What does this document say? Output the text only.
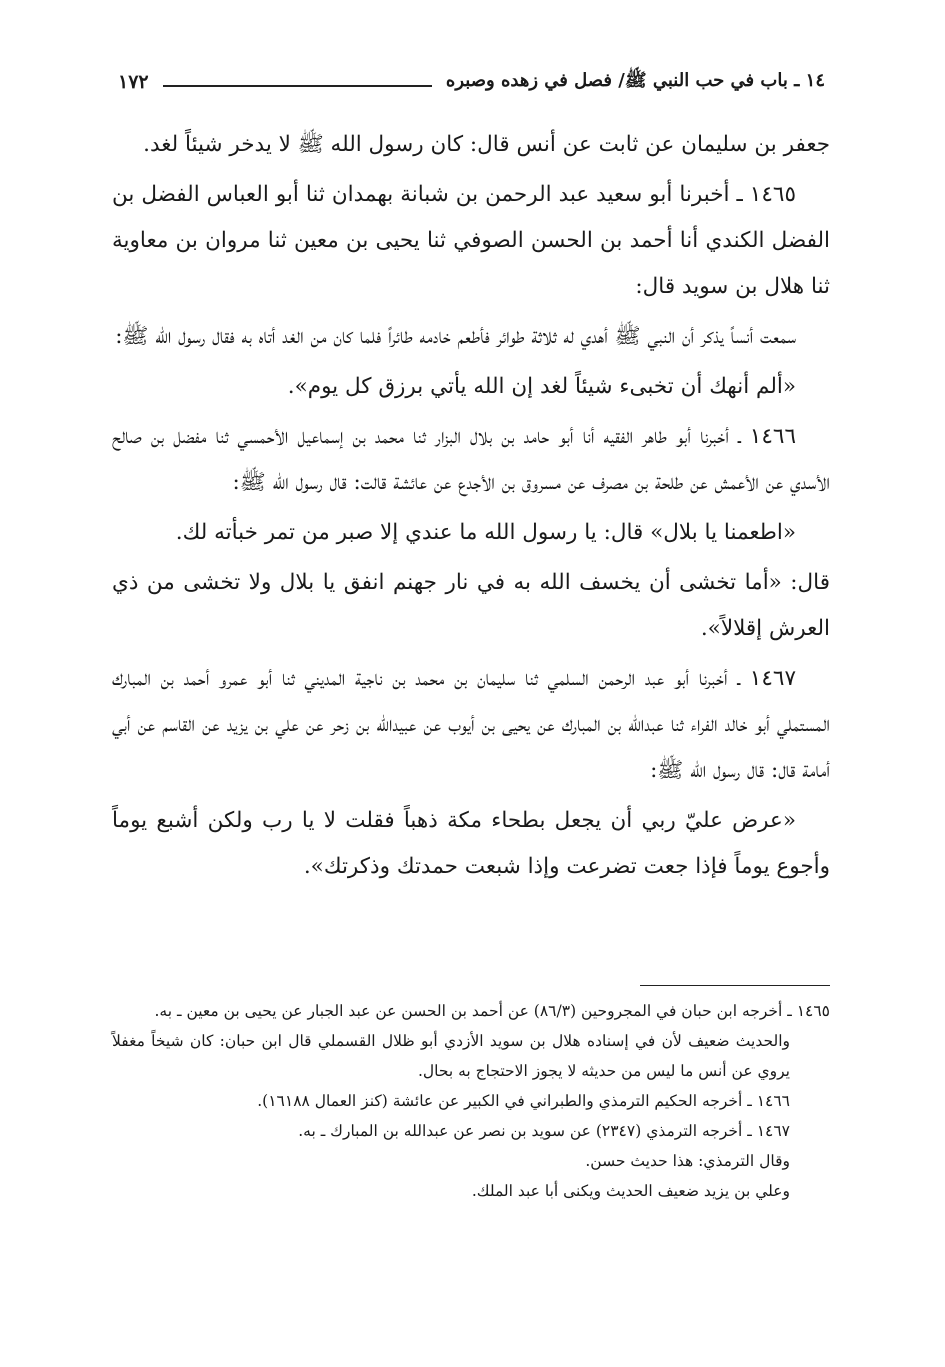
١٤ ـ باب في حب النبي ﷺ/ فصل في زهده وصبره
١٧٢

جعفر بن سليمان عن ثابت عن أنس قال: كان رسول الله ﷺ لا يدخر شيئاً لغد.

١٤٦٥ ـ أخبرنا أبو سعيد عبد الرحمن بن شبانة بهمدان ثنا أبو العباس الفضل بن الفضل الكندي أنا أحمد بن الحسن الصوفي ثنا يحيى بن معين ثنا مروان بن معاوية ثنا هلال بن سويد قال:

سمعت أنساً يذكر أن النبي ﷺ أهدي له ثلاثة طوائر فأطعم خادمه طائراً فلما كان من الغد أتاه به فقال رسول الله ﷺ:

«ألم أنهك أن تخبىء شيئاً لغد إن الله يأتي برزق كل يوم».

١٤٦٦ ـ أخبرنا أبو طاهر الفقيه أنا أبو حامد بن بلال البزار ثنا محمد بن إسماعيل الأحمسي ثنا مفضل بن صالح الأسدي عن الأعمش عن طلحة بن مصرف عن مسروق بن الأجدع عن عائشة قالت: قال رسول الله ﷺ:

«اطعمنا يا بلال» قال: يا رسول الله ما عندي إلا صبر من تمر خبأته لك.

قال: «أما تخشى أن يخسف الله به في نار جهنم انفق يا بلال ولا تخشى من ذي العرش إقلالاً».

١٤٦٧ ـ أخبرنا أبو عبد الرحمن السلمي ثنا سليمان بن محمد بن ناجية المديني ثنا أبو عمرو أحمد بن المبارك المستملي أبو خالد الفراء ثنا عبدالله بن المبارك عن يحيى بن أيوب عن عبيدالله بن زحر عن علي بن يزيد عن القاسم عن أبي أمامة قال: قال رسول الله ﷺ:

«عرض عليّ ربي أن يجعل بطحاء مكة ذهباً فقلت لا يا رب ولكن أشبع يوماً وأجوع يوماً فإذا جعت تضرعت وإذا شبعت حمدتك وذكرتك».

١٤٦٥ ـ أخرجه ابن حبان في المجروحين (٨٦/٣) عن أحمد بن الحسن عن عبد الجبار عن يحيى بن معين ـ به.

والحديث ضعيف لأن في إسناده هلال بن سويد الأزدي أبو ظلال القسملي قال ابن حبان: كان شيخاً مغفلاً يروي عن أنس ما ليس من حديثه لا يجوز الاحتجاج به بحال.

١٤٦٦ ـ أخرجه الحكيم الترمذي والطبراني في الكبير عن عائشة (كنز العمال ١٦١٨٨).

١٤٦٧ ـ أخرجه الترمذي (٢٣٤٧) عن سويد بن نصر عن عبدالله بن المبارك ـ به.

وقال الترمذي: هذا حديث حسن.

وعلي بن يزيد ضعيف الحديث ويكنى أبا عبد الملك.
